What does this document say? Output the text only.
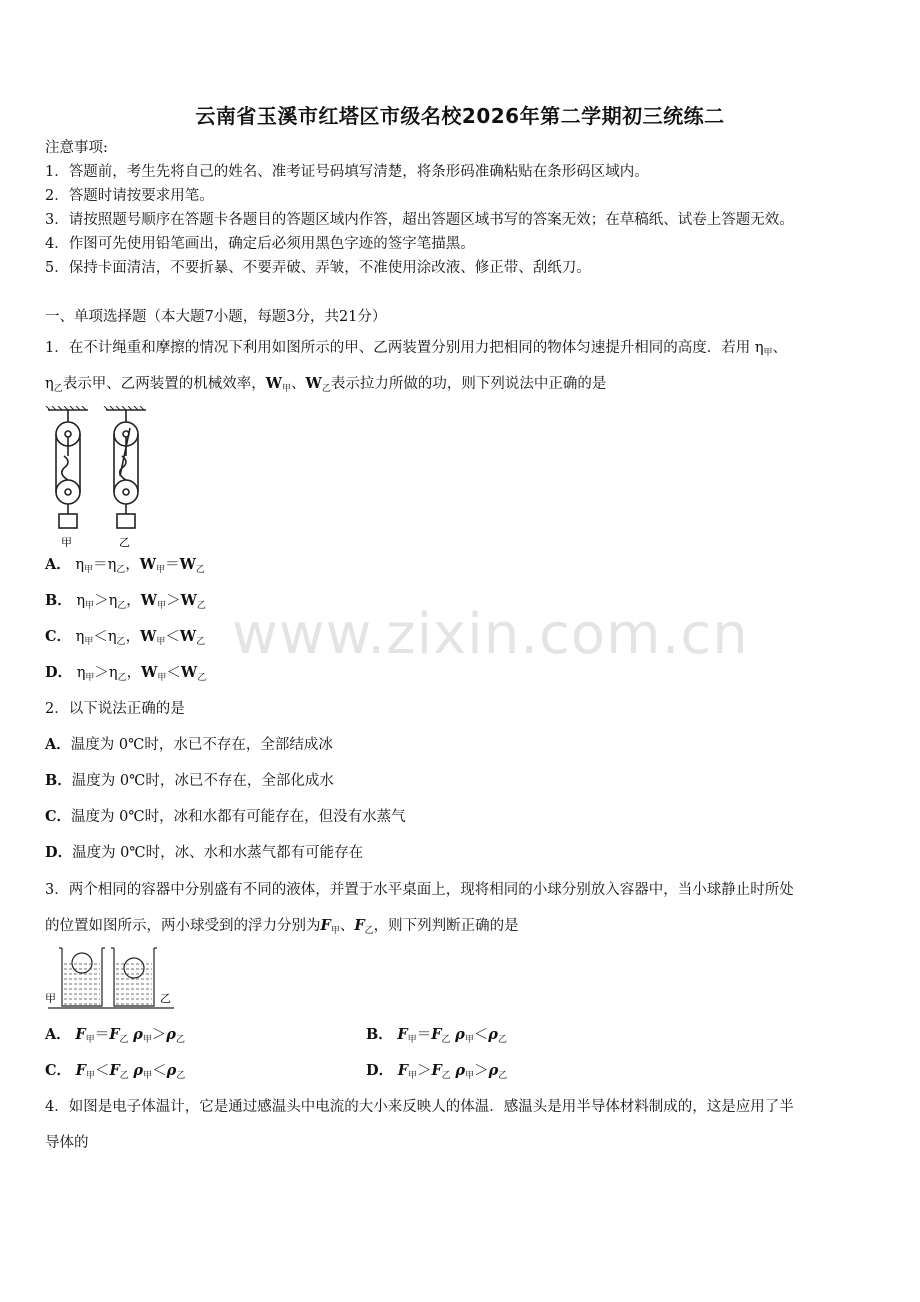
云南省玉溪市红塔区市级名校2026年第二学期初三统练二
注意事项:
1．答题前，考生先将自己的姓名、准考证号码填写清楚，将条形码准确粘贴在条形码区域内。
2．答题时请按要求用笔。
3．请按照题号顺序在答题卡各题目的答题区域内作答，超出答题区域书写的答案无效；在草稿纸、试卷上答题无效。
4．作图可先使用铅笔画出，确定后必须用黑色字迹的签字笔描黑。
5．保持卡面清洁，不要折暴、不要弄破、弄皱，不准使用涂改液、修正带、刮纸刀。
一、单项选择题（本大题7小题，每题3分，共21分）
1．在不计绳重和摩擦的情况下利用如图所示的甲、乙两装置分别用力把相同的物体匀速提升相同的高度．若用 $\eta_甲$、
$\eta_乙$表示甲、乙两装置的机械效率，$W_甲$、$W_乙$表示拉力所做的功，则下列说法中正确的是
甲	乙
A． $\eta_甲=\eta_乙$，$W_甲=W_乙$
B． $\eta_甲>\eta_乙$，$W_甲>W_乙$
C． $\eta_甲<\eta_乙$，$W_甲<W_乙$
D． $\eta_甲>\eta_乙$，$W_甲<W_乙$
www.zixin.com.cn
2．以下说法正确的是
A．温度为 0℃时，水已不存在，全部结成冰
B．温度为 0℃时，冰已不存在，全部化成水
C．温度为 0℃时，冰和水都有可能存在，但没有水蒸气
D．温度为 0℃时，冰、水和水蒸气都有可能存在
3．两个相同的容器中分别盛有不同的液体，并置于水平桌面上，现将相同的小球分别放入容器中，当小球静止时所处
的位置如图所示，两小球受到的浮力分别为$F_甲$、$F_乙$，则下列判断正确的是
甲	乙
A． $F_甲=F_乙$ $\rho_甲>\rho_乙$	B． $F_甲=F_乙$ $\rho_甲<\rho_乙$
C． $F_甲<F_乙$ $\rho_甲<\rho_乙$	D． $F_甲>F_乙$ $\rho_甲>\rho_乙$
4．如图是电子体温计，它是通过感温头中电流的大小来反映人的体温．感温头是用半导体材料制成的，这是应用了半
导体的
